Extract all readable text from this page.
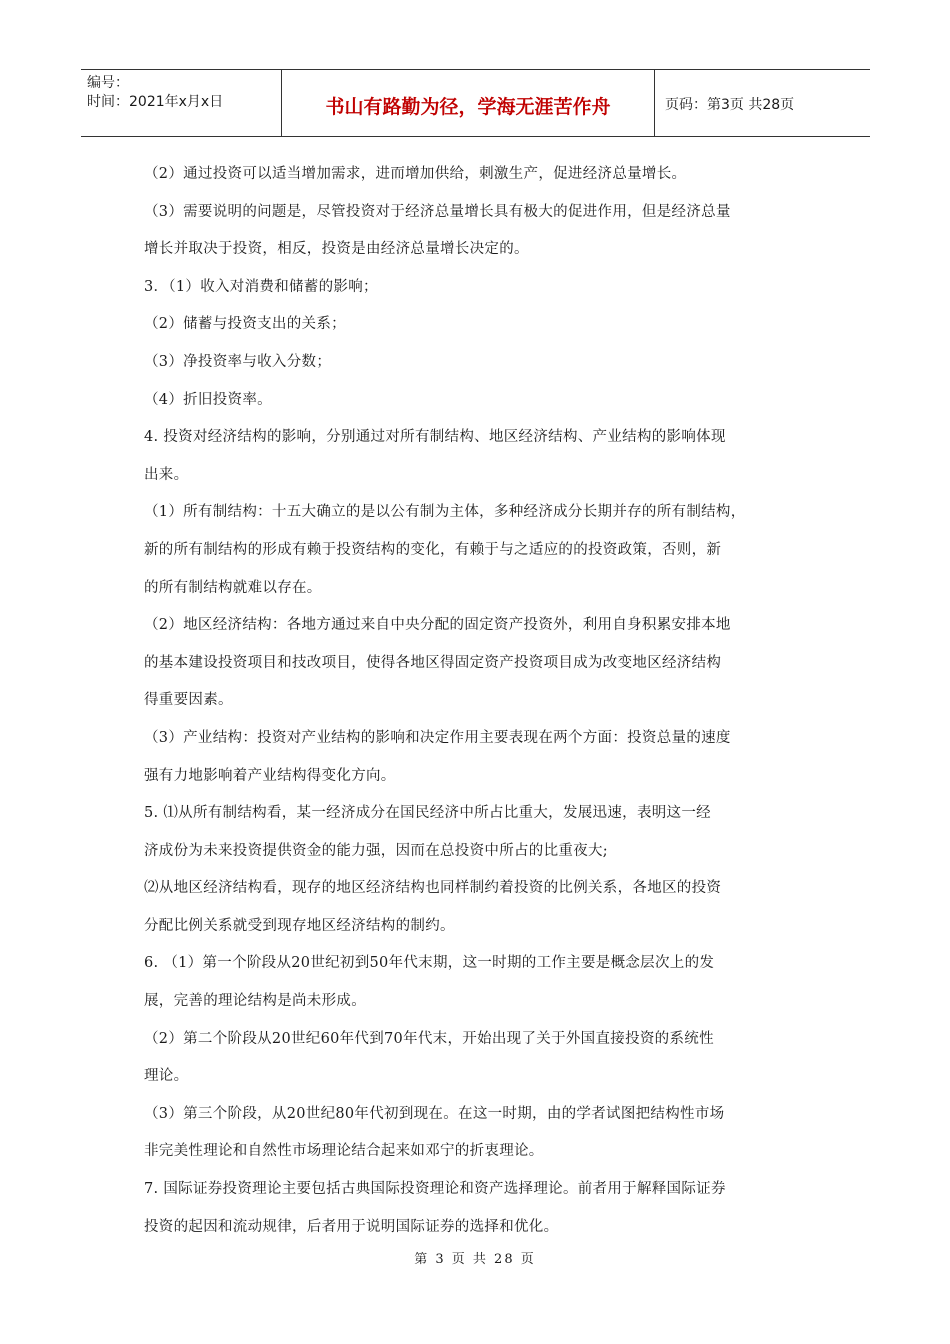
编号：
时间：2021年x月x日	书山有路勤为径，学海无涯苦作舟	页码：第3页 共28页
（2）通过投资可以适当增加需求，进而增加供给，刺激生产，促进经济总量增长。
（3）需要说明的问题是，尽管投资对于经济总量增长具有极大的促进作用，但是经济总量
增长并取决于投资，相反，投资是由经济总量增长决定的。
3．（1）收入对消费和储蓄的影响；
（2）储蓄与投资支出的关系；
（3）净投资率与收入分数；
（4）折旧投资率。
4. 投资对经济结构的影响，分别通过对所有制结构、地区经济结构、产业结构的影响体现
出来。
（1）所有制结构：十五大确立的是以公有制为主体，多种经济成分长期并存的所有制结构，
新的所有制结构的形成有赖于投资结构的变化，有赖于与之适应的的投资政策，否则，新
的所有制结构就难以存在。
（2）地区经济结构：各地方通过来自中央分配的固定资产投资外，利用自身积累安排本地
的基本建设投资项目和技改项目，使得各地区得固定资产投资项目成为改变地区经济结构
得重要因素。
（3）产业结构：投资对产业结构的影响和决定作用主要表现在两个方面：投资总量的速度
强有力地影响着产业结构得变化方向。
5. ⑴从所有制结构看，某一经济成分在国民经济中所占比重大，发展迅速，表明这一经
济成份为未来投资提供资金的能力强，因而在总投资中所占的比重夜大;
⑵从地区经济结构看，现存的地区经济结构也同样制约着投资的比例关系，各地区的投资
分配比例关系就受到现存地区经济结构的制约。
6. （1）第一个阶段从20世纪初到50年代末期，这一时期的工作主要是概念层次上的发
展，完善的理论结构是尚未形成。
（2）第二个阶段从20世纪60年代到70年代末，开始出现了关于外国直接投资的系统性
理论。
（3）第三个阶段，从20世纪80年代初到现在。在这一时期，由的学者试图把结构性市场
非完美性理论和自然性市场理论结合起来如邓宁的折衷理论。
7. 国际证券投资理论主要包括古典国际投资理论和资产选择理论。前者用于解释国际证券
投资的起因和流动规律，后者用于说明国际证券的选择和优化。
第 3 页 共 28 页
